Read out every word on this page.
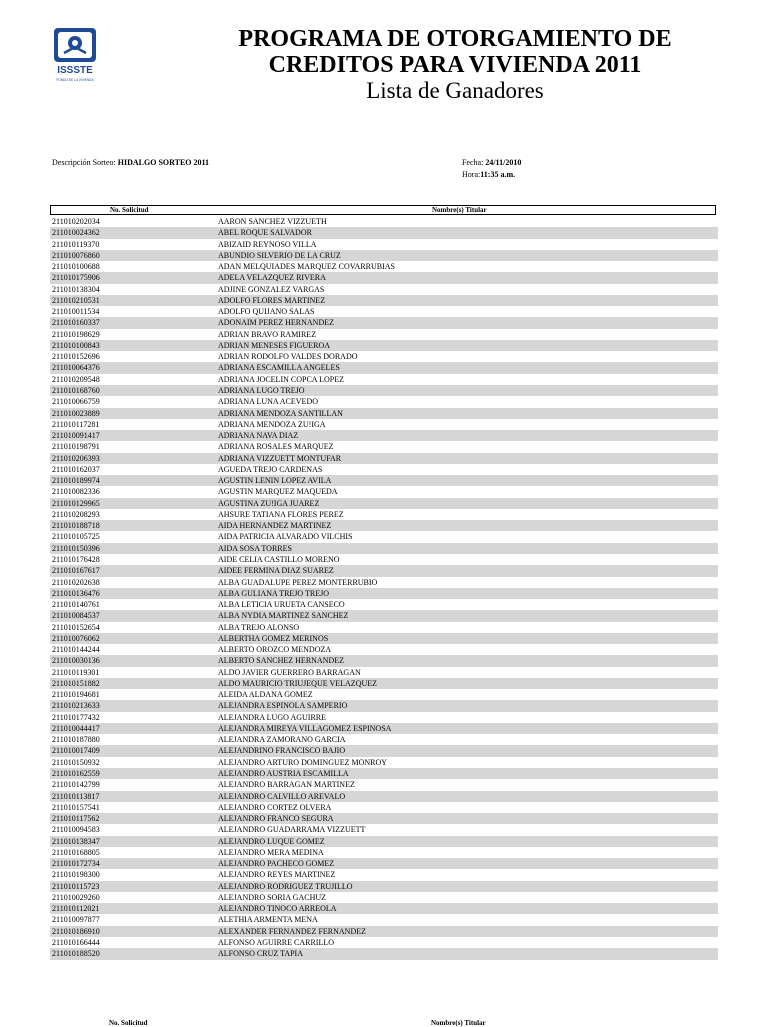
ISSSTE
FONDO DE LA VIVIENDA
PROGRAMA DE OTORGAMIENTO DE
CREDITOS PARA VIVIENDA 2011
Lista de Ganadores
Descripción Sorteo: HIDALGO SORTEO 2011	Fecha: 24/11/2010
Hora:11:35 a.m.
No. Solicitud	Nombre(s) Titular
211010202034	AARON SANCHEZ VIZZUETH
211010024362	ABEL ROQUE SALVADOR
211010119370	ABIZAID REYNOSO VILLA
211010076860	ABUNDIO SILVERIO DE LA CRUZ
211010100688	ADAN MELQUIADES MARQUEZ COVARRUBIAS
211010175906	ADELA VELAZQUEZ RIVERA
211010138304	ADJINE GONZALEZ VARGAS
211010210531	ADOLFO FLORES MARTINEZ
211010011534	ADOLFO QUIJANO SALAS
211010160337	ADONAIM PEREZ HERNANDEZ
211010198629	ADRIAN BRAVO RAMIREZ
211010100843	ADRIAN MENESES FIGUEROA
211010152696	ADRIAN RODOLFO VALDES DORADO
211010064376	ADRIANA ESCAMILLA ANGELES
211010209548	ADRIANA JOCELIN COPCA LOPEZ
211010168760	ADRIANA LUGO TREJO
211010066759	ADRIANA LUNA ACEVEDO
211010023889	ADRIANA MENDOZA SANTILLAN
211010117281	ADRIANA MENDOZA ZU!IGA
211010091417	ADRIANA NAVA DIAZ
211010198791	ADRIANA ROSALES MARQUEZ
211010206393	ADRIANA VIZZUETT MONTUFAR
211010162037	AGUEDA TREJO CARDENAS
211010189974	AGUSTIN LENIN LOPEZ AVILA
211010082336	AGUSTIN MARQUEZ MAQUEDA
211010129965	AGUSTINA ZU!IGA JUAREZ
211010208293	AHSURE TATIANA FLORES PEREZ
211010188718	AIDA HERNANDEZ MARTINEZ
211010105725	AIDA PATRICIA ALVARADO VILCHIS
211010150396	AIDA SOSA TORRES
211010176428	AIDE CELIA CASTILLO MORENO
211010167617	AIDEE FERMINA DIAZ SUAREZ
211010202638	ALBA GUADALUPE PEREZ MONTERRUBIO
211010136476	ALBA GULIANA TREJO TREJO
211010140761	ALBA LETICIA URUETA CANSECO
211010084537	ALBA NYDIA MARTINEZ SANCHEZ
211010152654	ALBA TREJO ALONSO
211010076062	ALBERTHA GOMEZ MERINOS
211010144244	ALBERTO OROZCO MENDOZA
211010030136	ALBERTO SANCHEZ HERNANDEZ
211010119301	ALDO JAVIER GUERRERO BARRAGAN
211010151882	ALDO MAURICIO TRIUJEQUE VELAZQUEZ
211010194681	ALEIDA ALDANA GOMEZ
211010213633	ALEJANDRA ESPINOLA SAMPERIO
211010177432	ALEJANDRA LUGO AGUIRRE
211010044417	ALEJANDRA MIREYA VILLAGOMEZ ESPINOSA
211010187880	ALEJANDRA ZAMORANO GARCIA
211010017409	ALEJANDRINO FRANCISCO BAJIO
211010150932	ALEJANDRO ARTURO DOMINGUEZ MONROY
211010162559	ALEJANDRO AUSTRIA ESCAMILLA
211010142799	ALEJANDRO BARRAGAN MARTINEZ
211010113817	ALEJANDRO CALVILLO AREVALO
211010157541	ALEJANDRO CORTEZ OLVERA
211010117562	ALEJANDRO FRANCO SEGURA
211010094583	ALEJANDRO GUADARRAMA VIZZUETT
211010138347	ALEJANDRO LUQUE GOMEZ
211010168805	ALEJANDRO MERA MEDINA
211010172734	ALEJANDRO PACHECO GOMEZ
211010198300	ALEJANDRO REYES MARTINEZ
211010115723	ALEJANDRO RODRIGUEZ TRUJILLO
211010029260	ALEJANDRO SORIA GACHUZ
211010112021	ALEJANDRO TINOCO ARREOLA
211010097877	ALETHIA ARMENTA MENA
211010186910	ALEXANDER FERNANDEZ FERNANDEZ
211010166444	ALFONSO AGUIRRE CARRILLO
211010188520	ALFONSO CRUZ TAPIA
No. Solicitud	Nombre(s) Titular
